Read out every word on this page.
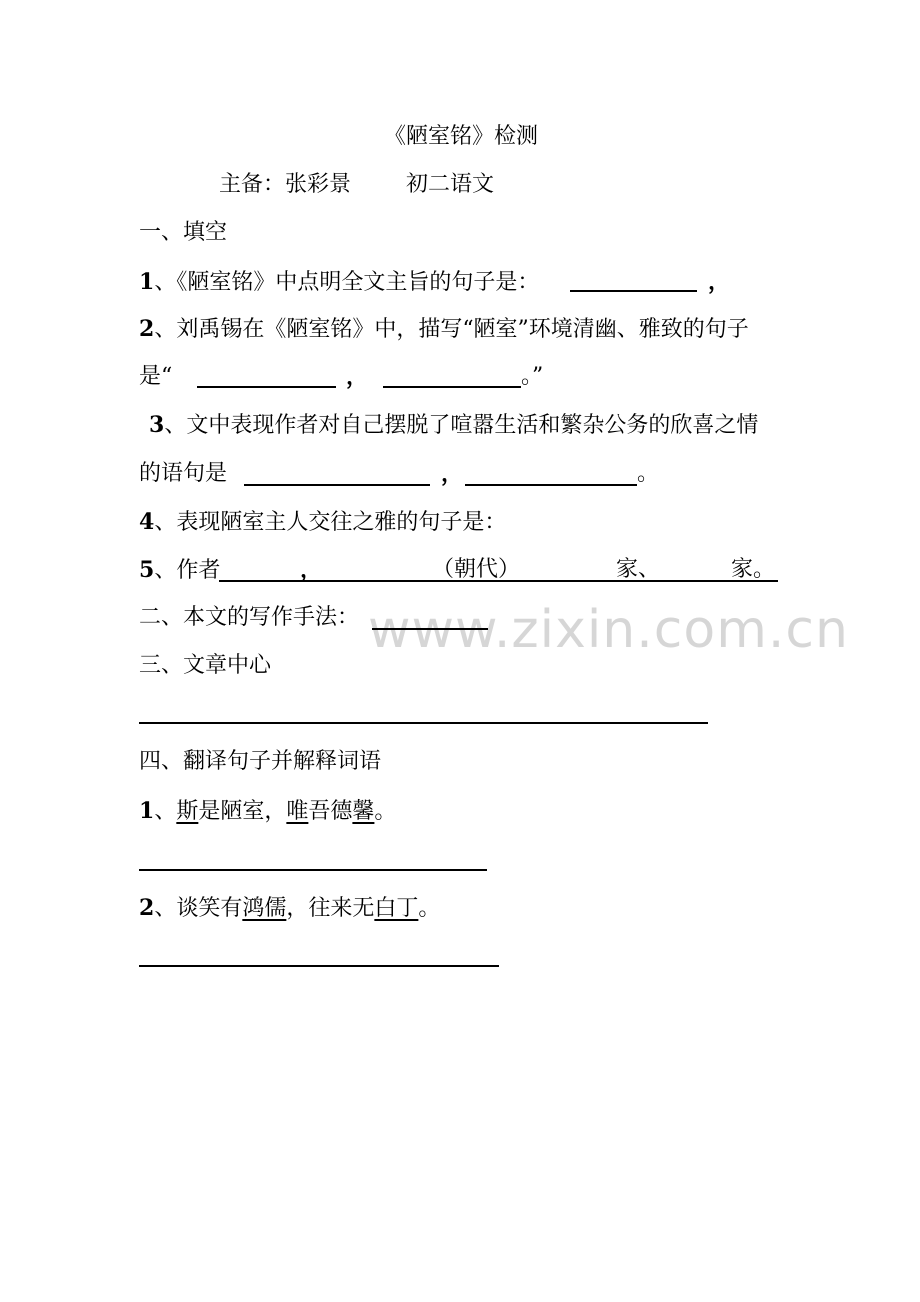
www.zixin.com.cn
《陋室铭》检测
主备：张彩景 初二语文
一、填空
1、《陋室铭》中点明全文主旨的句子是：	，
2、刘禹锡在《陋室铭》中，描写“陋室”环境清幽、雅致的句子
是“	，	。”
3、文中表现作者对自己摆脱了喧嚣生活和繁杂公务的欣喜之情
的语句是	，	。
4、表现陋室主人交往之雅的句子是：
5、作者	，	（朝代）	家、	家。
二、本文的写作手法：
三、文章中心
四、翻译句子并解释词语
1、斯是陋室，唯吾德馨。
2、谈笑有鸿儒，往来无白丁。
